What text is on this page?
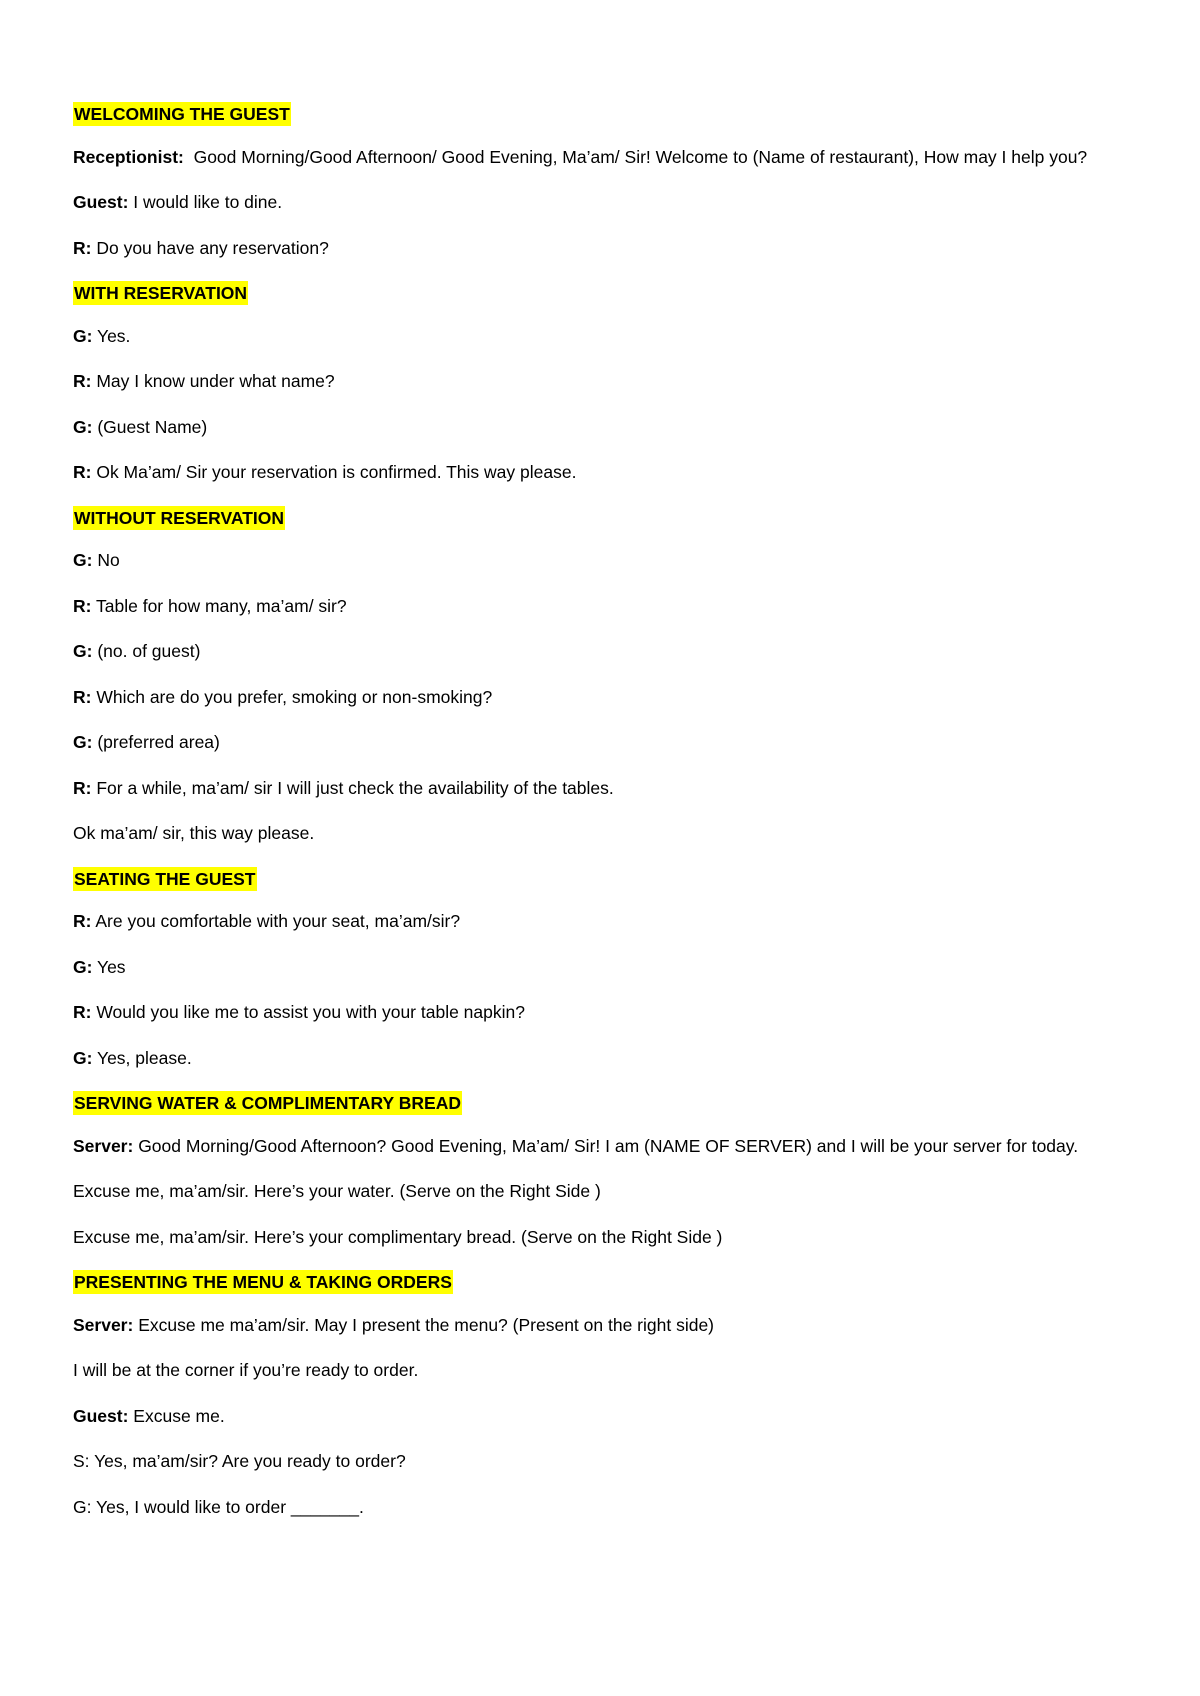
WELCOMING THE GUEST

Receptionist:  Good Morning/Good Afternoon/ Good Evening, Ma’am/ Sir! Welcome to (Name of restaurant), How may I help you?

Guest: I would like to dine.

R: Do you have any reservation?

WITH RESERVATION

G: Yes.

R: May I know under what name?

G: (Guest Name)

R: Ok Ma’am/ Sir your reservation is confirmed. This way please.

WITHOUT RESERVATION

G: No

R: Table for how many, ma’am/ sir?

G: (no. of guest)

R: Which are do you prefer, smoking or non-smoking?

G: (preferred area)

R: For a while, ma’am/ sir I will just check the availability of the tables.

Ok ma’am/ sir, this way please.

SEATING THE GUEST

R: Are you comfortable with your seat, ma’am/sir?

G: Yes

R: Would you like me to assist you with your table napkin?

G: Yes, please.

SERVING WATER & COMPLIMENTARY BREAD

Server: Good Morning/Good Afternoon? Good Evening, Ma’am/ Sir! I am (NAME OF SERVER) and I will be your server for today.

Excuse me, ma’am/sir. Here’s your water. (Serve on the Right Side )

Excuse me, ma’am/sir. Here’s your complimentary bread. (Serve on the Right Side )

PRESENTING THE MENU & TAKING ORDERS

Server: Excuse me ma’am/sir. May I present the menu? (Present on the right side)

I will be at the corner if you’re ready to order.

Guest: Excuse me.

S: Yes, ma’am/sir? Are you ready to order?

G: Yes, I would like to order _______.
